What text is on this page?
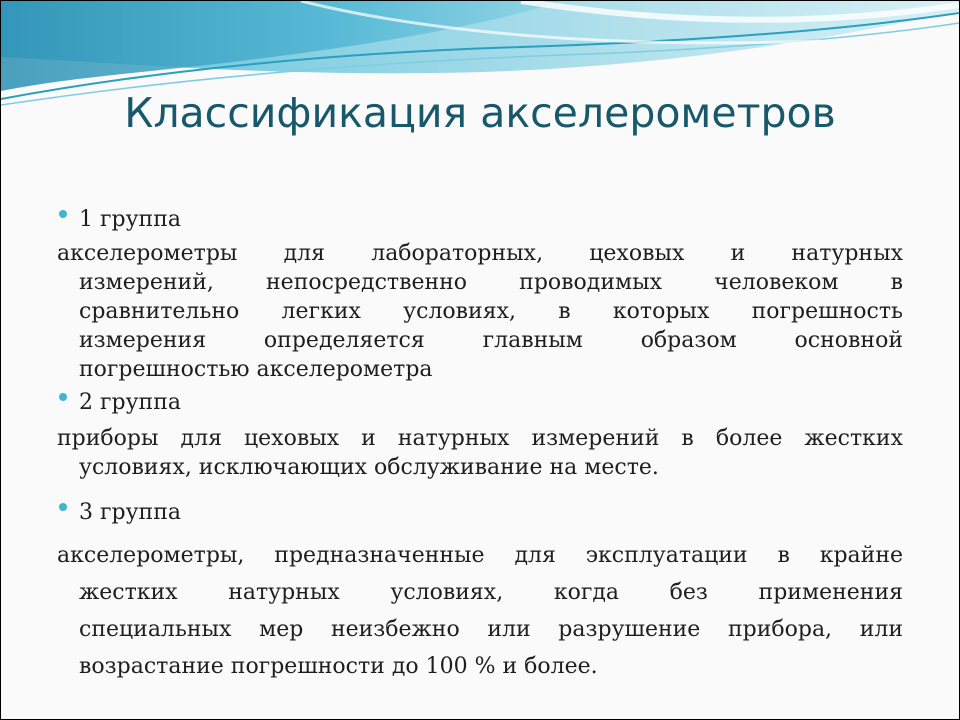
Классификация акселерометров

1 группа

акселерометры для лабораторных, цеховых и натурных
измерений, непосредственно проводимых человеком в
сравнительно легких условиях, в которых погрешность
измерения определяется главным образом основной
погрешностью акселерометра

2 группа

приборы для цеховых и натурных измерений в более жестких
условиях, исключающих обслуживание на месте.

3 группа

акселерометры, предназначенные для эксплуатации в крайне
жестких натурных условиях, когда без применения
специальных мер неизбежно или разрушение прибора, или
возрастание погрешности до 100 % и более.
